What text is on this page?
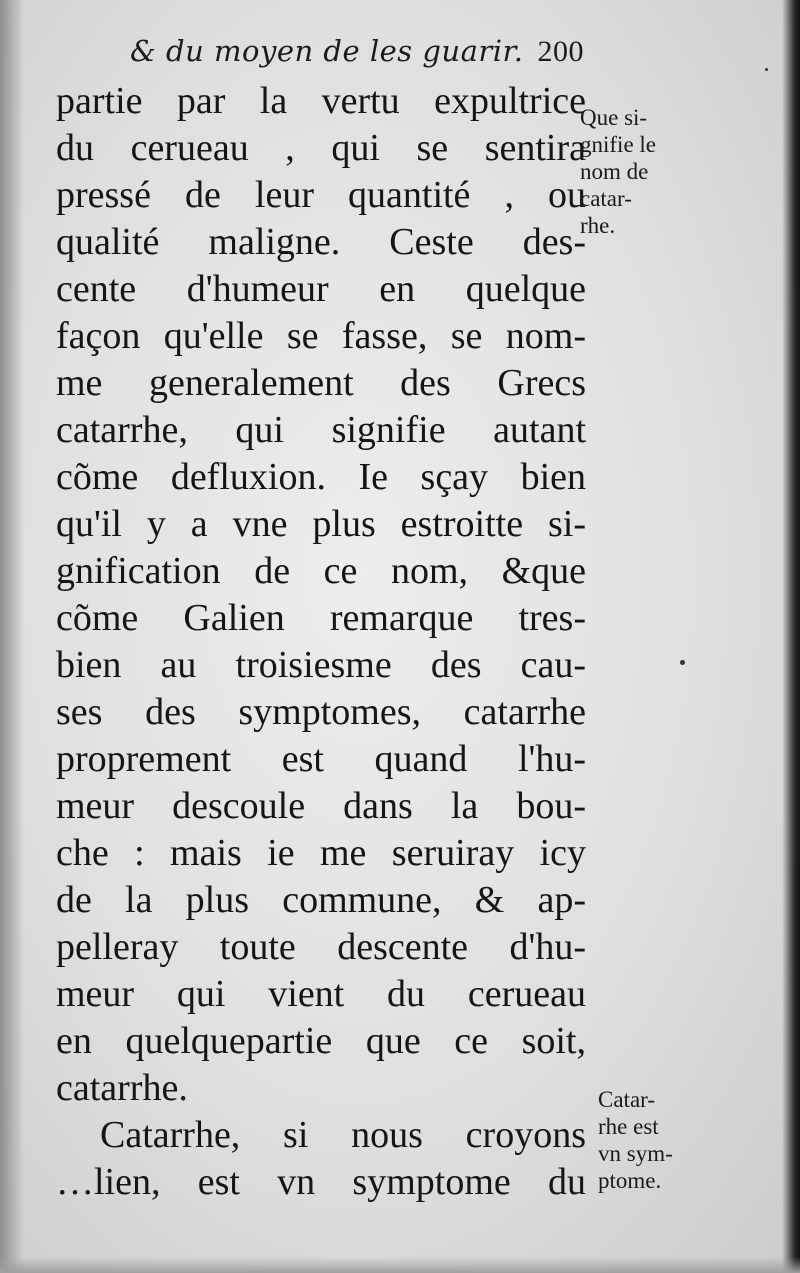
& du moyen de les guarir. 200
partie par la vertu expultrice
du cerueau , qui se sentira
pressé de leur quantité , ou
qualité maligne. Ceste des-
cente d'humeur en quelque
façon qu'elle se fasse, se nom-
me generalement des Grecs
catarrhe, qui signifie autant
cõme defluxion. Ie sçay bien
qu'il y a vne plus estroitte si-
gnification de ce nom, &que
cõme Galien remarque tres-
bien au troisiesme des cau-
ses des symptomes, catarrhe
proprement est quand l'hu-
meur descoule dans la bou-
che : mais ie me seruiray icy
de la plus commune, & ap-
pelleray toute descente d'hu-
meur qui vient du cerueau
en quelquepartie que ce soit,
catarrhe.
Catarrhe, si nous croyons
…lien, est vn symptome du
Que si-
gnifie le
nom de
catar-
rhe.
Catar-
rhe est
vn sym-
ptome.
